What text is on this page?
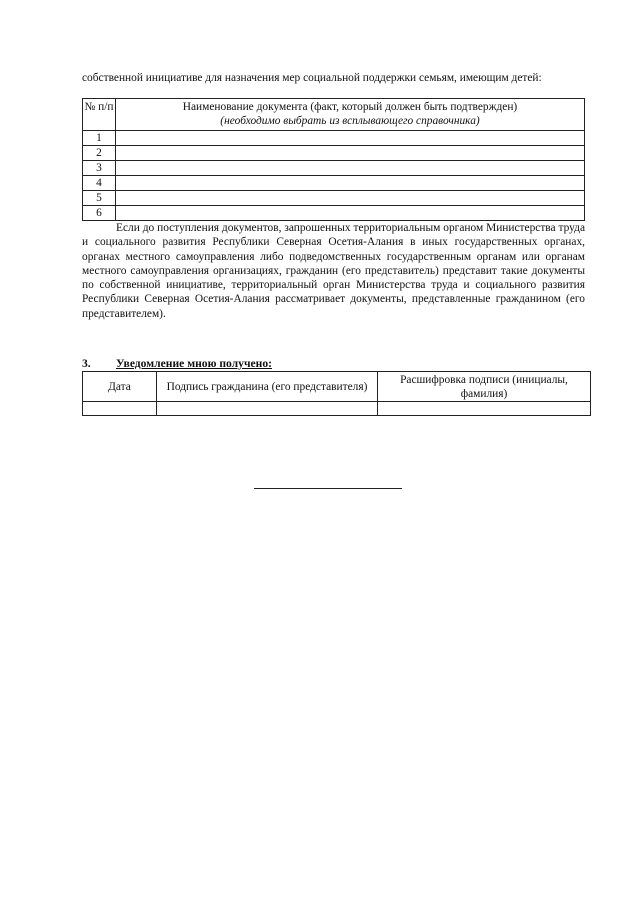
собственной инициативе для назначения мер социальной поддержки семьям, имеющим детей:
№ п/п	Наименование документа (факт, который должен быть подтвержден)
(необходимо выбрать из всплывающего справочника)

1	
2	
3	
4	
5	
6	
Если до поступления документов, запрошенных территориальным органом Министерства труда и социального развития Республики Северная Осетия-Алания в иных государственных органах, органах местного самоуправления либо подведомственных государственным органам или органам местного самоуправления организациях, гражданин (его представитель) представит такие документы по собственной инициативе, территориальный орган Министерства труда и социального развития Республики Северная Осетия-Алания рассматривает документы, представленные гражданином (его представителем).
3. Уведомление мною получено:
Дата	Подпись гражданина (его представителя)	Расшифровка подписи (инициалы, фамилия)
